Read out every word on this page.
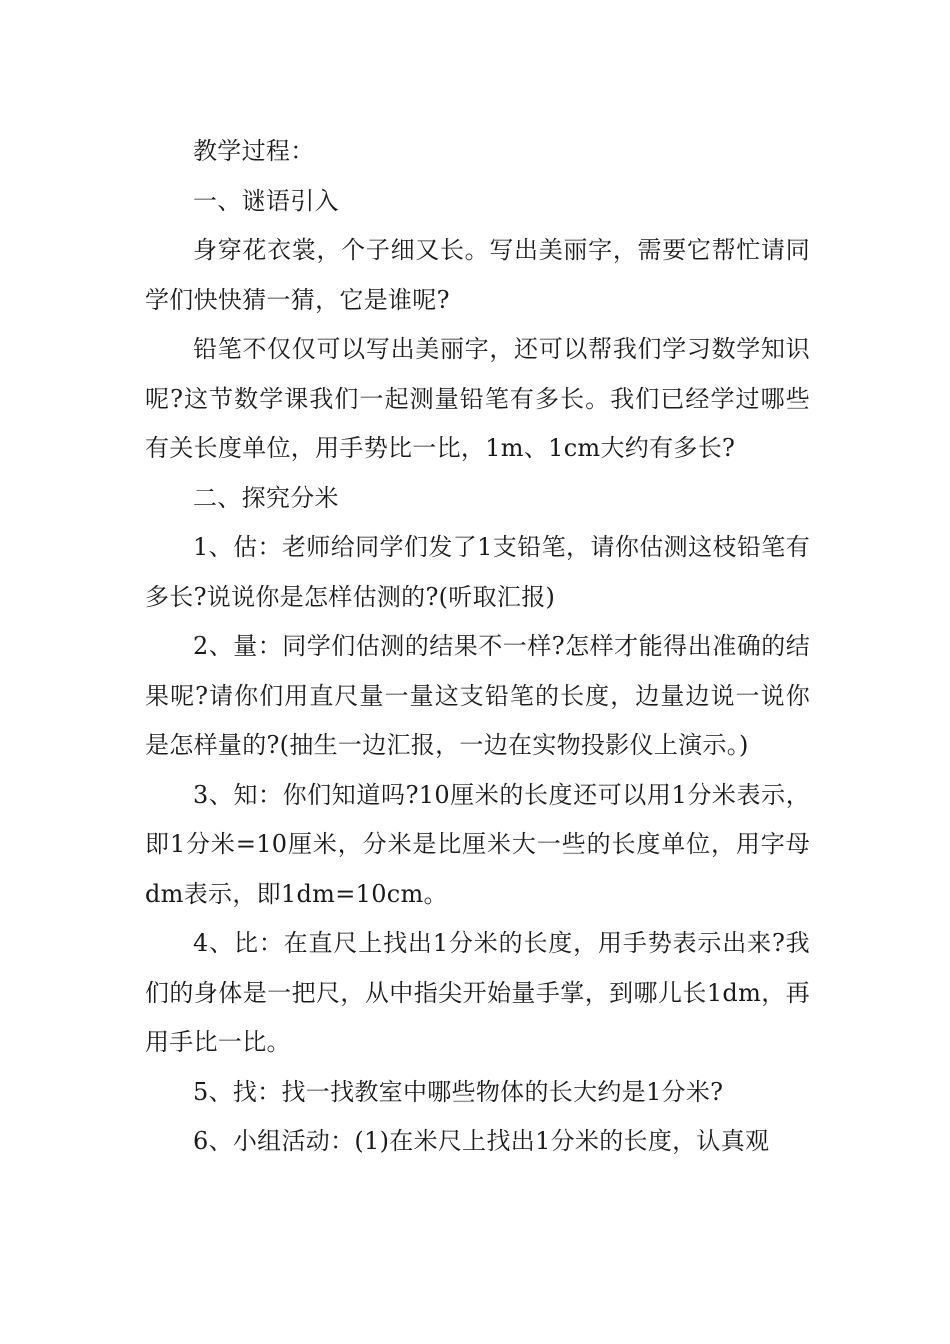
教学过程：

一、谜语引入

身穿花衣裳，个子细又长。写出美丽字，需要它帮忙请同学们快快猜一猜，它是谁呢?

铅笔不仅仅可以写出美丽字，还可以帮我们学习数学知识呢?这节数学课我们一起测量铅笔有多长。我们已经学过哪些有关长度单位，用手势比一比，1m、1cm大约有多长?

二、探究分米

1、估：老师给同学们发了1支铅笔，请你估测这枝铅笔有多长?说说你是怎样估测的?(听取汇报)

2、量：同学们估测的结果不一样?怎样才能得出准确的结果呢?请你们用直尺量一量这支铅笔的长度，边量边说一说你是怎样量的?(抽生一边汇报，一边在实物投影仪上演示。)

3、知：你们知道吗?10厘米的长度还可以用1分米表示，即1分米=10厘米，分米是比厘米大一些的长度单位，用字母dm表示，即1dm=10cm。

4、比：在直尺上找出1分米的长度，用手势表示出来?我们的身体是一把尺，从中指尖开始量手掌，到哪儿长1dm，再用手比一比。

5、找：找一找教室中哪些物体的长大约是1分米?

6、小组活动：(1)在米尺上找出1分米的长度，认真观
